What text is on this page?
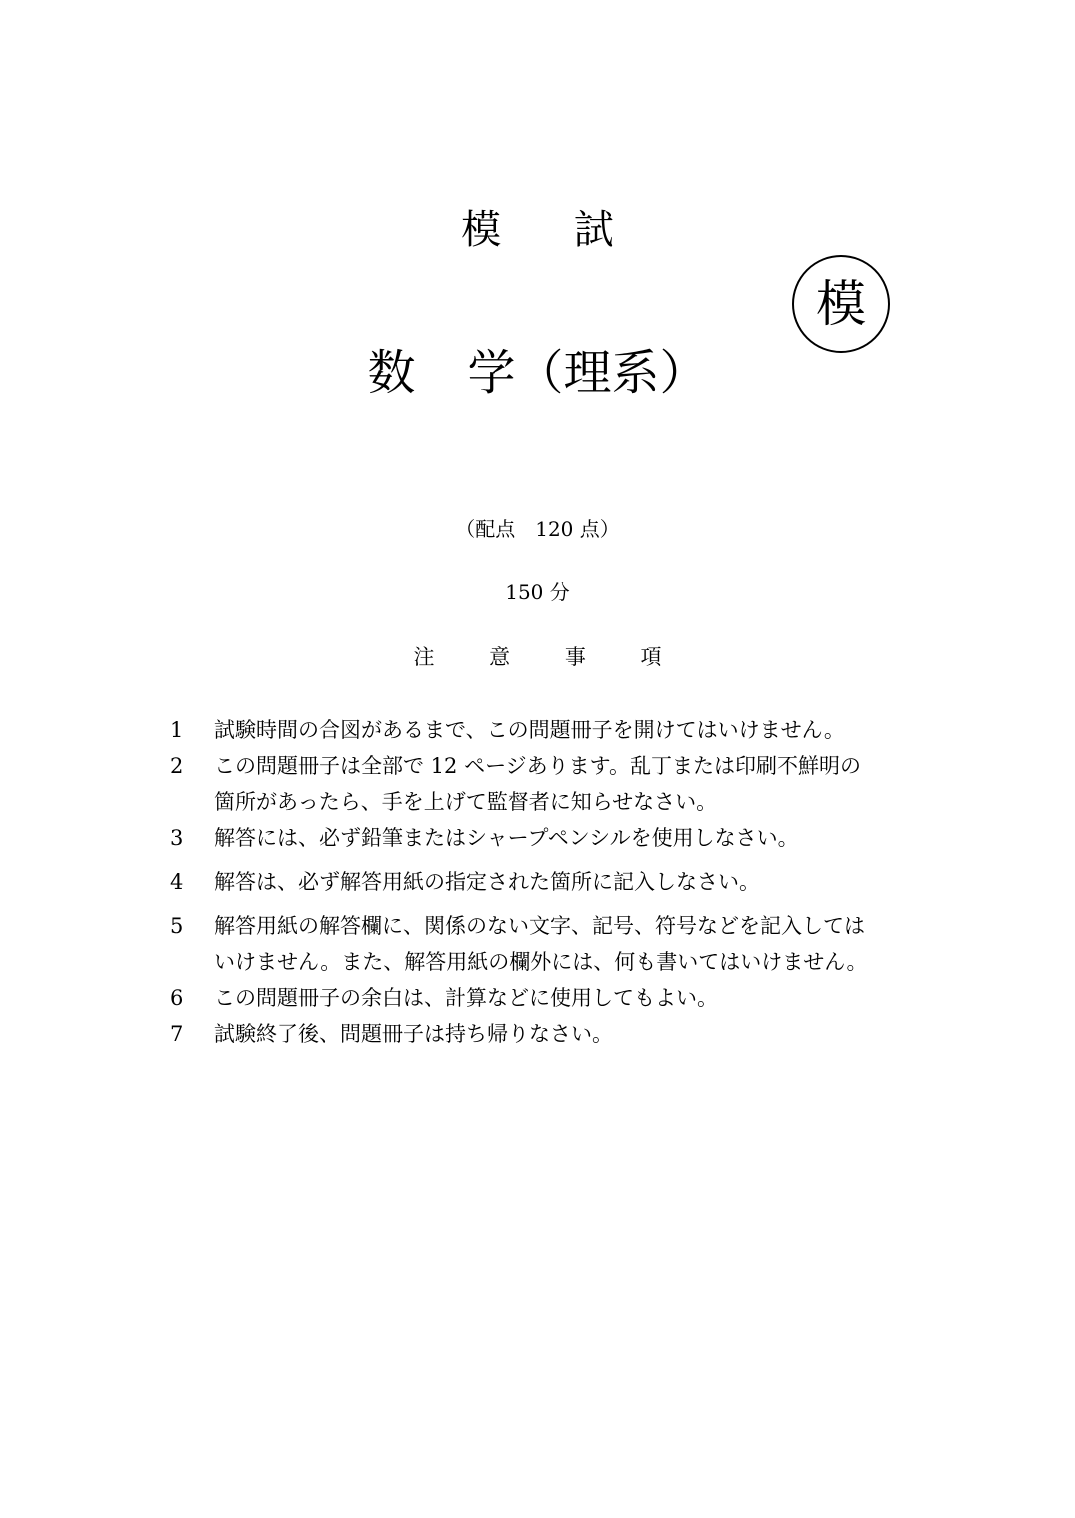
模 試
模
数 学（理系）
（配点　120 点）
150 分
注 意 事 項
1	試験時間の合図があるまで、この問題冊子を開けてはいけません。
2	この問題冊子は全部で 12 ページあります。乱丁または印刷不鮮明の
箇所があったら、手を上げて監督者に知らせなさい。
3	解答には、必ず鉛筆またはシャープペンシルを使用しなさい。
4	解答は、必ず解答用紙の指定された箇所に記入しなさい。
5	解答用紙の解答欄に、関係のない文字、記号、符号などを記入しては
いけません。また、解答用紙の欄外には、何も書いてはいけません。
6	この問題冊子の余白は、計算などに使用してもよい。
7	試験終了後、問題冊子は持ち帰りなさい。
